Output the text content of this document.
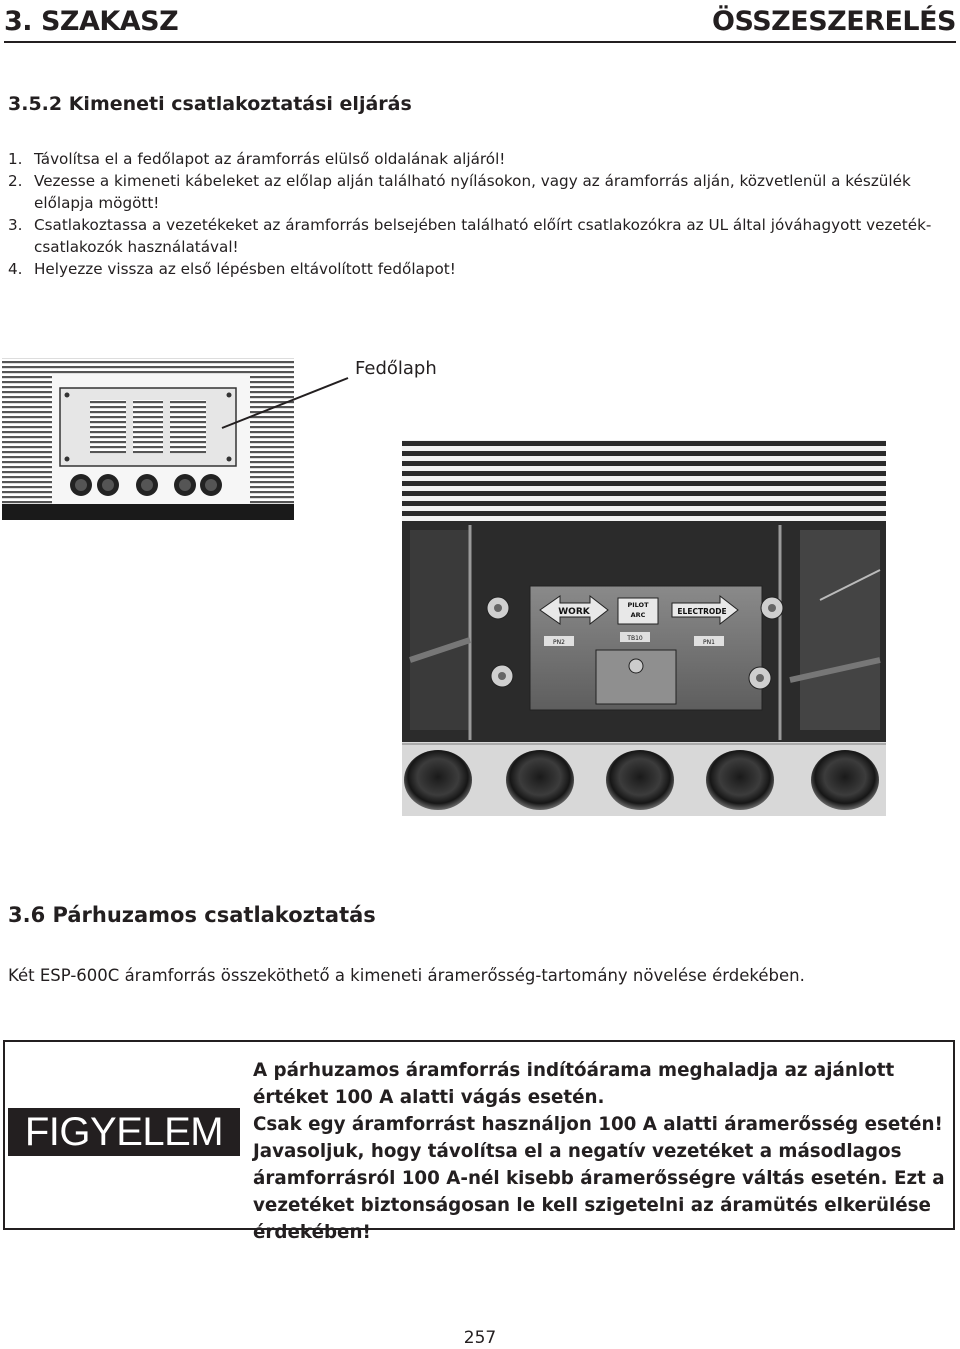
3. SZAKASZ	ÖSSZESZERELÉS
3.5.2 Kimeneti csatlakoztatási eljárás

1. Távolítsa el a fedőlapot az áramforrás elülső oldalának aljáról!

2. Vezesse a kimeneti kábeleket az előlap alján található nyílásokon, vagy az áramforrás alján, közvetlenül a készülék előlapja mögött!

3. Csatlakoztassa a vezetékeket az áramforrás belsejében található előírt csatlakozókra az UL által jóváhagyott vezeték-csatlakozók használatával!

4. Helyezze vissza az első lépésben eltávolított fedőlapot!

WORK
PILOT
ARC	ELECTRODE
PN2
TB10
PN1
Fedőlaph
3.6 Párhuzamos csatlakoztatás
Két ESP-600C áramforrás összeköthető a kimeneti áramerősség-tartomány növelése érdekében.
FIGYELEM

A párhuzamos áramforrás indítóárama meghaladja az ajánlott értéket 100 A alatti vágás esetén.

Csak egy áramforrást használjon 100 A alatti áramerősség esetén!

Javasoljuk, hogy távolítsa el a negatív vezetéket a másodlagos áramforrásról 100 A-nél kisebb áramerősségre váltás esetén. Ezt a vezetéket biztonságosan le kell szigetelni az áramütés elkerülése érdekében!

257
